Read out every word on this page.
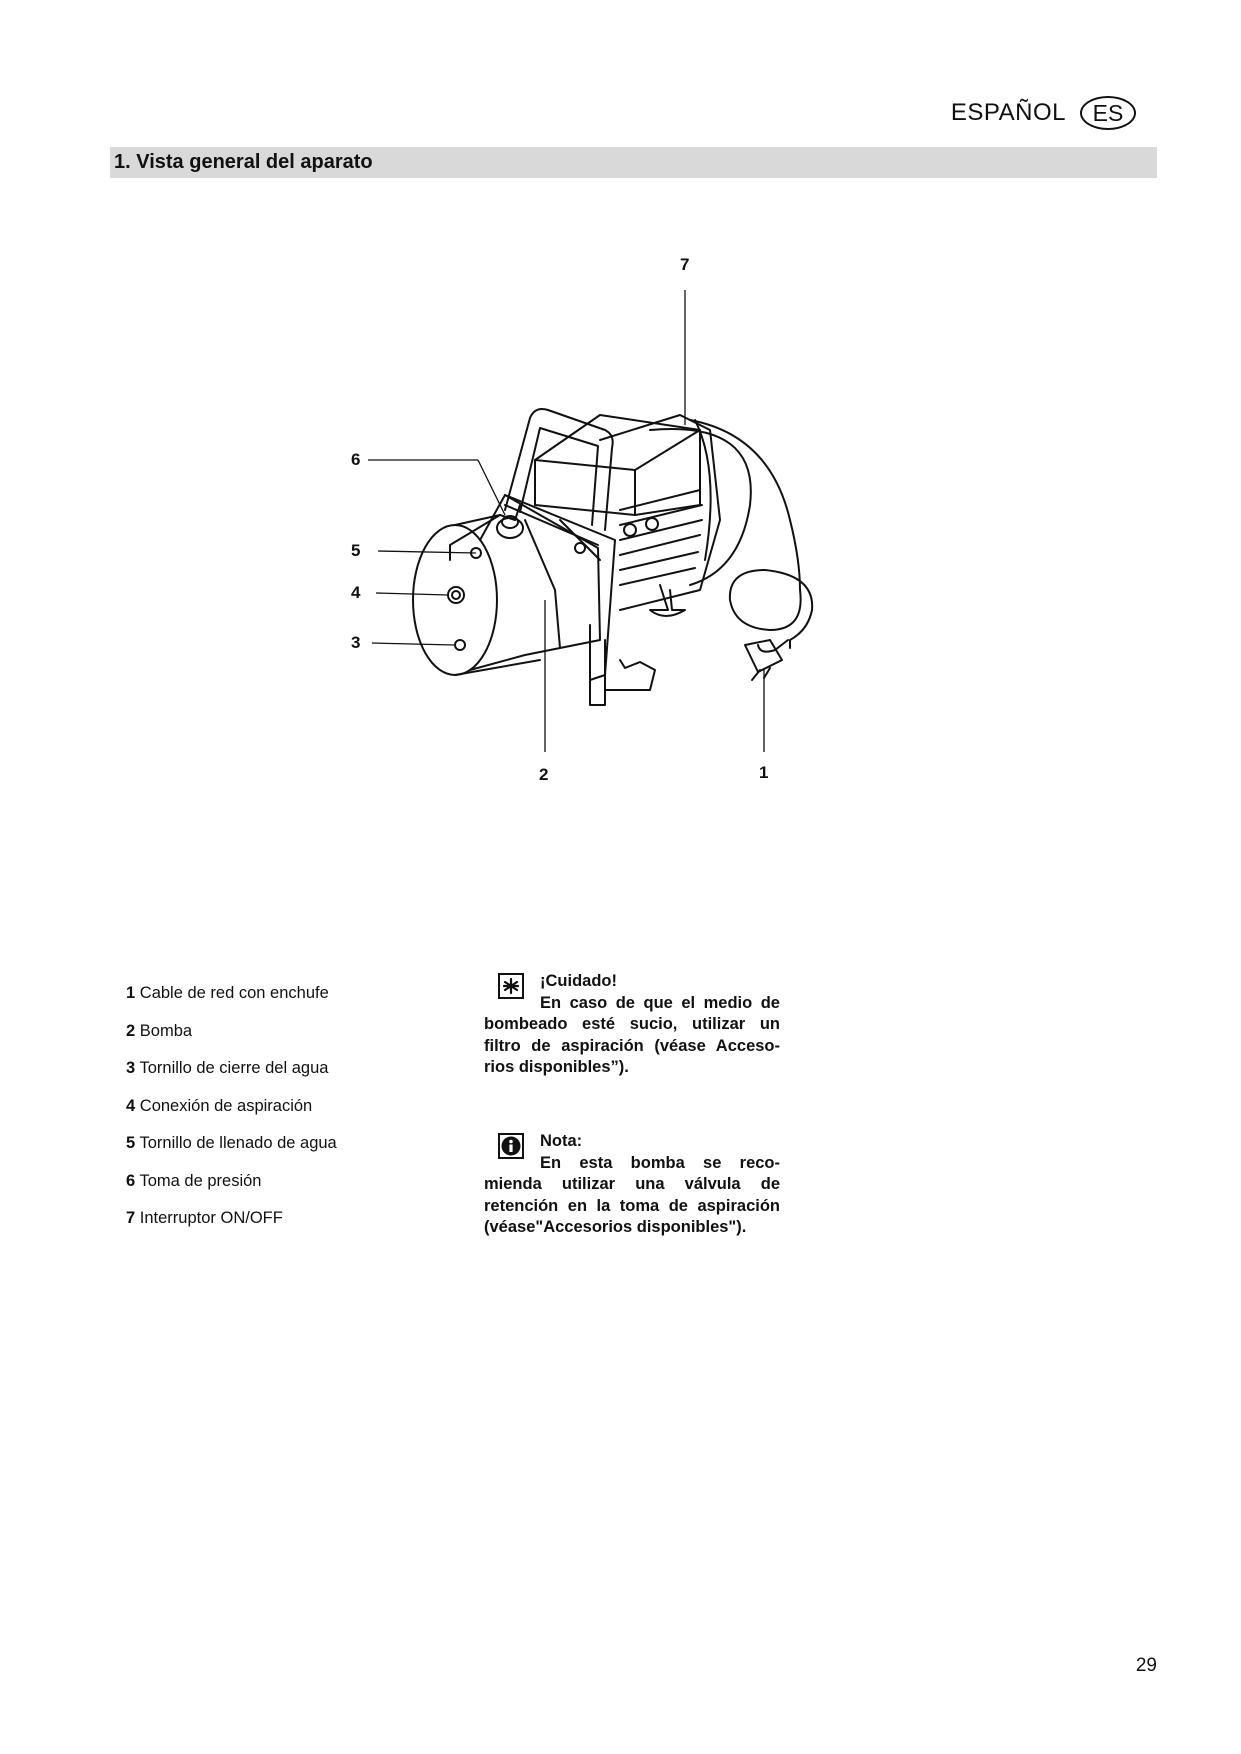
ESPAÑOL	ES
1. Vista general del aparato
7
6
5
4
3
2	1
1 Cable de red con enchufe
2 Bomba
3 Tornillo de cierre del agua
4 Conexión de aspiración
5 Tornillo de llenado de agua
6 Toma de presión
7 Interruptor ON/OFF
¡Cuidado!
En caso de que el medio de
bombeado esté sucio, utilizar un filtro de aspiración (véase Acceso-rios disponibles”).
Nota:
En esta bomba se reco-
mienda utilizar una válvula de retención en la toma de aspiración (véase"Accesorios disponibles").
29
